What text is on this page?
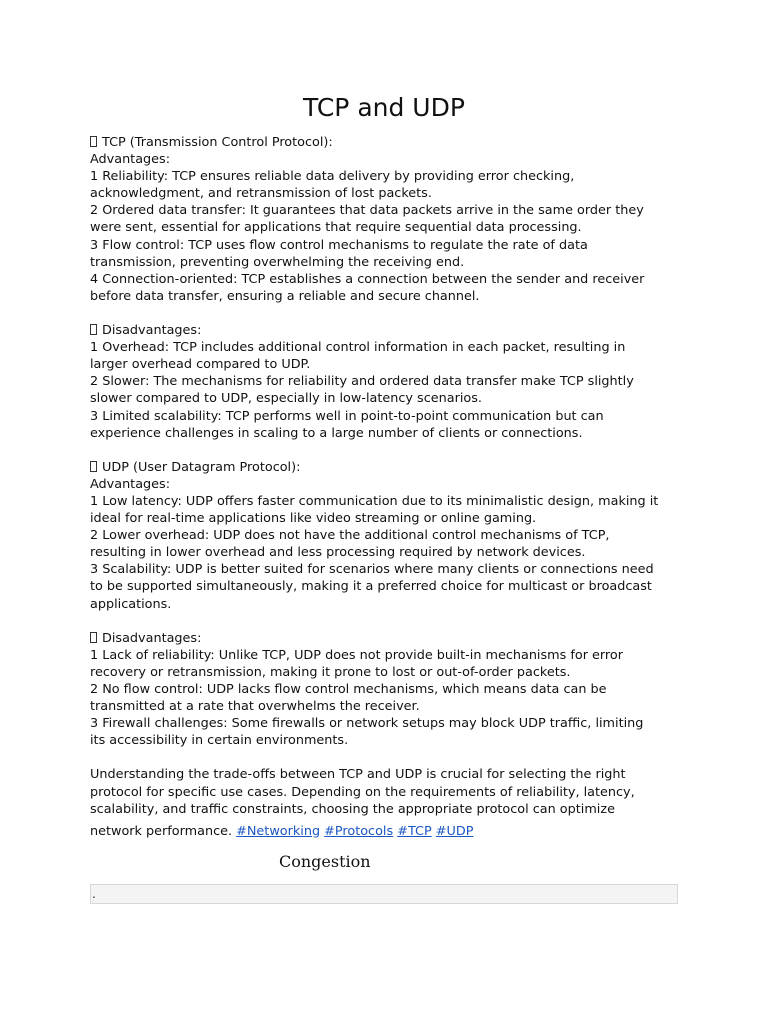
TCP and UDP
TCP (Transmission Control Protocol):
Advantages:
1 Reliability: TCP ensures reliable data delivery by providing error checking,
acknowledgment, and retransmission of lost packets.
2 Ordered data transfer: It guarantees that data packets arrive in the same order they
were sent, essential for applications that require sequential data processing.
3 Flow control: TCP uses flow control mechanisms to regulate the rate of data
transmission, preventing overwhelming the receiving end.
4 Connection-oriented: TCP establishes a connection between the sender and receiver
before data transfer, ensuring a reliable and secure channel.
Disadvantages:
1 Overhead: TCP includes additional control information in each packet, resulting in
larger overhead compared to UDP.
2 Slower: The mechanisms for reliability and ordered data transfer make TCP slightly
slower compared to UDP, especially in low-latency scenarios.
3 Limited scalability: TCP performs well in point-to-point communication but can
experience challenges in scaling to a large number of clients or connections.
UDP (User Datagram Protocol):
Advantages:
1 Low latency: UDP offers faster communication due to its minimalistic design, making it
ideal for real-time applications like video streaming or online gaming.
2 Lower overhead: UDP does not have the additional control mechanisms of TCP,
resulting in lower overhead and less processing required by network devices.
3 Scalability: UDP is better suited for scenarios where many clients or connections need
to be supported simultaneously, making it a preferred choice for multicast or broadcast
applications.
Disadvantages:
1 Lack of reliability: Unlike TCP, UDP does not provide built-in mechanisms for error
recovery or retransmission, making it prone to lost or out-of-order packets.
2 No flow control: UDP lacks flow control mechanisms, which means data can be
transmitted at a rate that overwhelms the receiver.
3 Firewall challenges: Some firewalls or network setups may block UDP traffic, limiting
its accessibility in certain environments.
Understanding the trade-offs between TCP and UDP is crucial for selecting the right
protocol for specific use cases. Depending on the requirements of reliability, latency,
scalability, and traffic constraints, choosing the appropriate protocol can optimize
network performance. #Networking #Protocols #TCP #UDP
Congestion
.
